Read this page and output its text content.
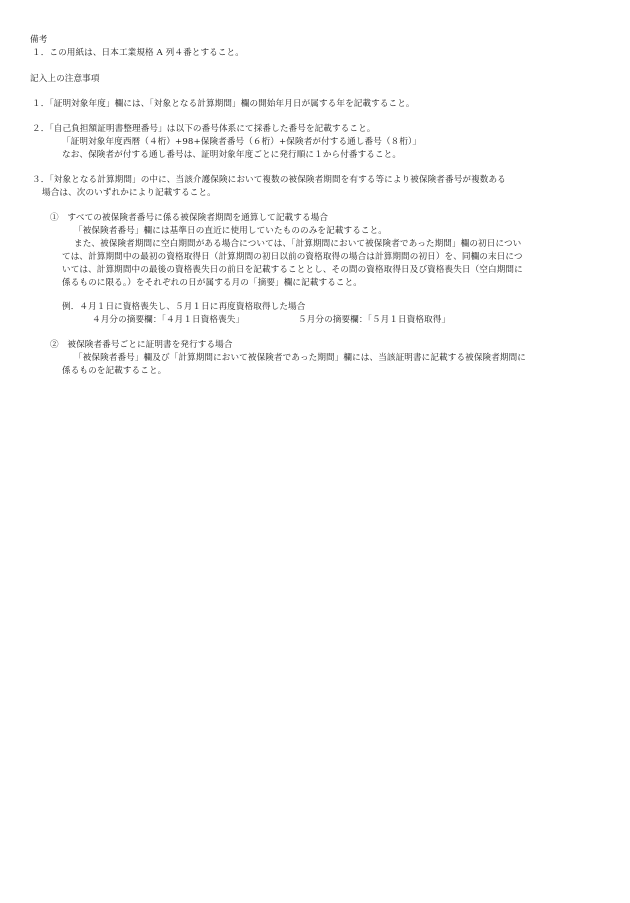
備考
１．この用紙は、日本工業規格 A 列４番とすること。
記入上の注意事項
１．「証明対象年度」欄には、「対象となる計算期間」欄の開始年月日が属する年を記載すること。
２．「自己負担額証明書整理番号」は以下の番号体系にて採番した番号を記載すること。
「証明対象年度西暦（４桁）+98+保険者番号（６桁）+保険者が付する通し番号（８桁）」
なお、保険者が付する通し番号は、証明対象年度ごとに発行順に１から付番すること。
３．「対象となる計算期間」の中に、当該介護保険において複数の被保険者期間を有する等により被保険者番号が複数ある
場合は、次のいずれかにより記載すること。
①　すべての被保険者番号に係る被保険者期間を通算して記載する場合
「被保険者番号」欄には基準日の直近に使用していたもののみを記載すること。
また、被保険者期間に空白期間がある場合については、「計算期間において被保険者であった期間」欄の初日につい
ては、計算期間中の最初の資格取得日（計算期間の初日以前の資格取得の場合は計算期間の初日）を、同欄の末日につ
いては、計算期間中の最後の資格喪失日の前日を記載することとし、その間の資格取得日及び資格喪失日（空白期間に
係るものに限る。）をそれぞれの日が属する月の「摘要」欄に記載すること。
例．４月１日に資格喪失し、５月１日に再度資格取得した場合
４月分の摘要欄：「４月１日資格喪失」	５月分の摘要欄：「５月１日資格取得」
②　被保険者番号ごとに証明書を発行する場合
「被保険者番号」欄及び「計算期間において被保険者であった期間」欄には、当該証明書に記載する被保険者期間に
係るものを記載すること。
